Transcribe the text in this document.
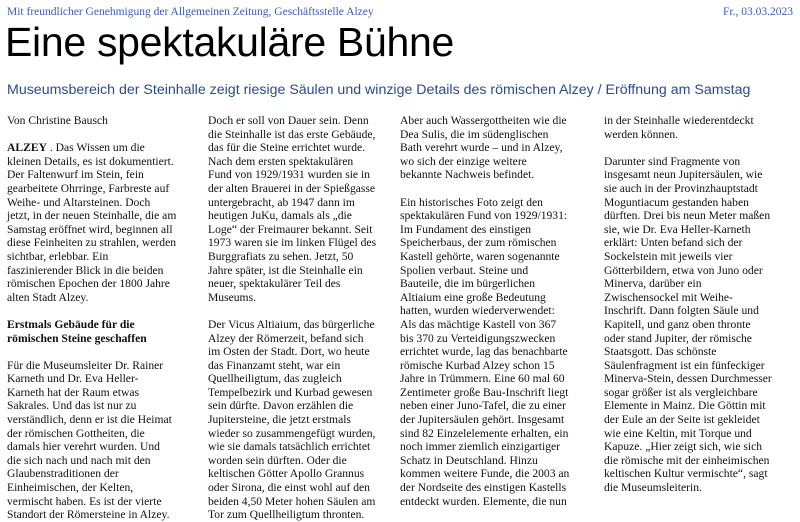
Mit freundlicher Genehmigung der Allgemeinen Zeitung, Geschäftsstelle Alzey	Fr., 03.03.2023
Eine spektakuläre Bühne
Museumsbereich der Steinhalle zeigt riesige Säulen und winzige Details des römischen Alzey / Eröffnung am Samstag

Von Christine Bausch

ALZEY . Das Wissen um die

kleinen Details, es ist dokumentiert.

Der Faltenwurf im Stein, fein

gearbeitete Ohrringe, Farbreste auf

Weihe- und Altarsteinen. Doch

jetzt, in der neuen Steinhalle, die am

Samstag eröffnet wird, beginnen all

diese Feinheiten zu strahlen, werden

sichtbar, erlebbar. Ein

faszinierender Blick in die beiden

römischen Epochen der 1800 Jahre

alten Stadt Alzey.

Erstmals Gebäude für die

römischen Steine geschaffen

Für die Museumsleiter Dr. Rainer

Karneth und Dr. Eva Heller-

Karneth hat der Raum etwas

Sakrales. Und das ist nur zu

verständlich, denn er ist die Heimat

der römischen Gottheiten, die

damals hier verehrt wurden. Und

die sich nach und nach mit den

Glaubenstraditionen der

Einheimischen, der Kelten,

vermischt haben. Es ist der vierte

Standort der Römersteine in Alzey.

Doch er soll von Dauer sein. Denn

die Steinhalle ist das erste Gebäude,

das für die Steine errichtet wurde.

Nach dem ersten spektakulären

Fund von 1929/1931 wurden sie in

der alten Brauerei in der Spießgasse

untergebracht, ab 1947 dann im

heutigen JuKu, damals als „die

Loge“ der Freimaurer bekannt. Seit

1973 waren sie im linken Flügel des

Burggrafiats zu sehen. Jetzt, 50

Jahre später, ist die Steinhalle ein

neuer, spektakulärer Teil des

Museums.

Der Vicus Altiaium, das bürgerliche

Alzey der Römerzeit, befand sich

im Osten der Stadt. Dort, wo heute

das Finanzamt steht, war ein

Quellheiligtum, das zugleich

Tempelbezirk und Kurbad gewesen

sein dürfte. Davon erzählen die

Jupitersteine, die jetzt erstmals

wieder so zusammengefügt wurden,

wie sie damals tatsächlich errichtet

worden sein dürften. Oder die

keltischen Götter Apollo Grannus

oder Sirona, die einst wohl auf den

beiden 4,50 Meter hohen Säulen am

Tor zum Quellheiligtum thronten.

Aber auch Wassergottheiten wie die

Dea Sulis, die im südenglischen

Bath verehrt wurde – und in Alzey,

wo sich der einzige weitere

bekannte Nachweis befindet.

Ein historisches Foto zeigt den

spektakulären Fund von 1929/1931:

Im Fundament des einstigen

Speicherbaus, der zum römischen

Kastell gehörte, waren sogenannte

Spolien verbaut. Steine und

Bauteile, die im bürgerlichen

Altiaium eine große Bedeutung

hatten, wurden wiederverwendet:

Als das mächtige Kastell von 367

bis 370 zu Verteidigungszwecken

errichtet wurde, lag das benachbarte

römische Kurbad Alzey schon 15

Jahre in Trümmern. Eine 60 mal 60

Zentimeter große Bau-Inschrift liegt

neben einer Juno-Tafel, die zu einer

der Jupitersäulen gehört. Insgesamt

sind 82 Einzelelemente erhalten, ein

noch immer ziemlich einzigartiger

Schatz in Deutschland. Hinzu

kommen weitere Funde, die 2003 an

der Nordseite des einstigen Kastells

entdeckt wurden. Elemente, die nun

in der Steinhalle wiederentdeckt

werden können.

Darunter sind Fragmente von

insgesamt neun Jupitersäulen, wie

sie auch in der Provinzhauptstadt

Moguntiacum gestanden haben

dürften. Drei bis neun Meter maßen

sie, wie Dr. Eva Heller-Karneth

erklärt: Unten befand sich der

Sockelstein mit jeweils vier

Götterbildern, etwa von Juno oder

Minerva, darüber ein

Zwischensockel mit Weihe-

Inschrift. Dann folgten Säule und

Kapitell, und ganz oben thronte

oder stand Jupiter, der römische

Staatsgott. Das schönste

Säulenfragment ist ein fünfeckiger

Minerva-Stein, dessen Durchmesser

sogar größer ist als vergleichbare

Elemente in Mainz. Die Göttin mit

der Eule an der Seite ist gekleidet

wie eine Keltin, mit Torque und

Kapuze. „Hier zeigt sich, wie sich

die römische mit der einheimischen

keltischen Kultur vermischte“, sagt

die Museumsleiterin.
